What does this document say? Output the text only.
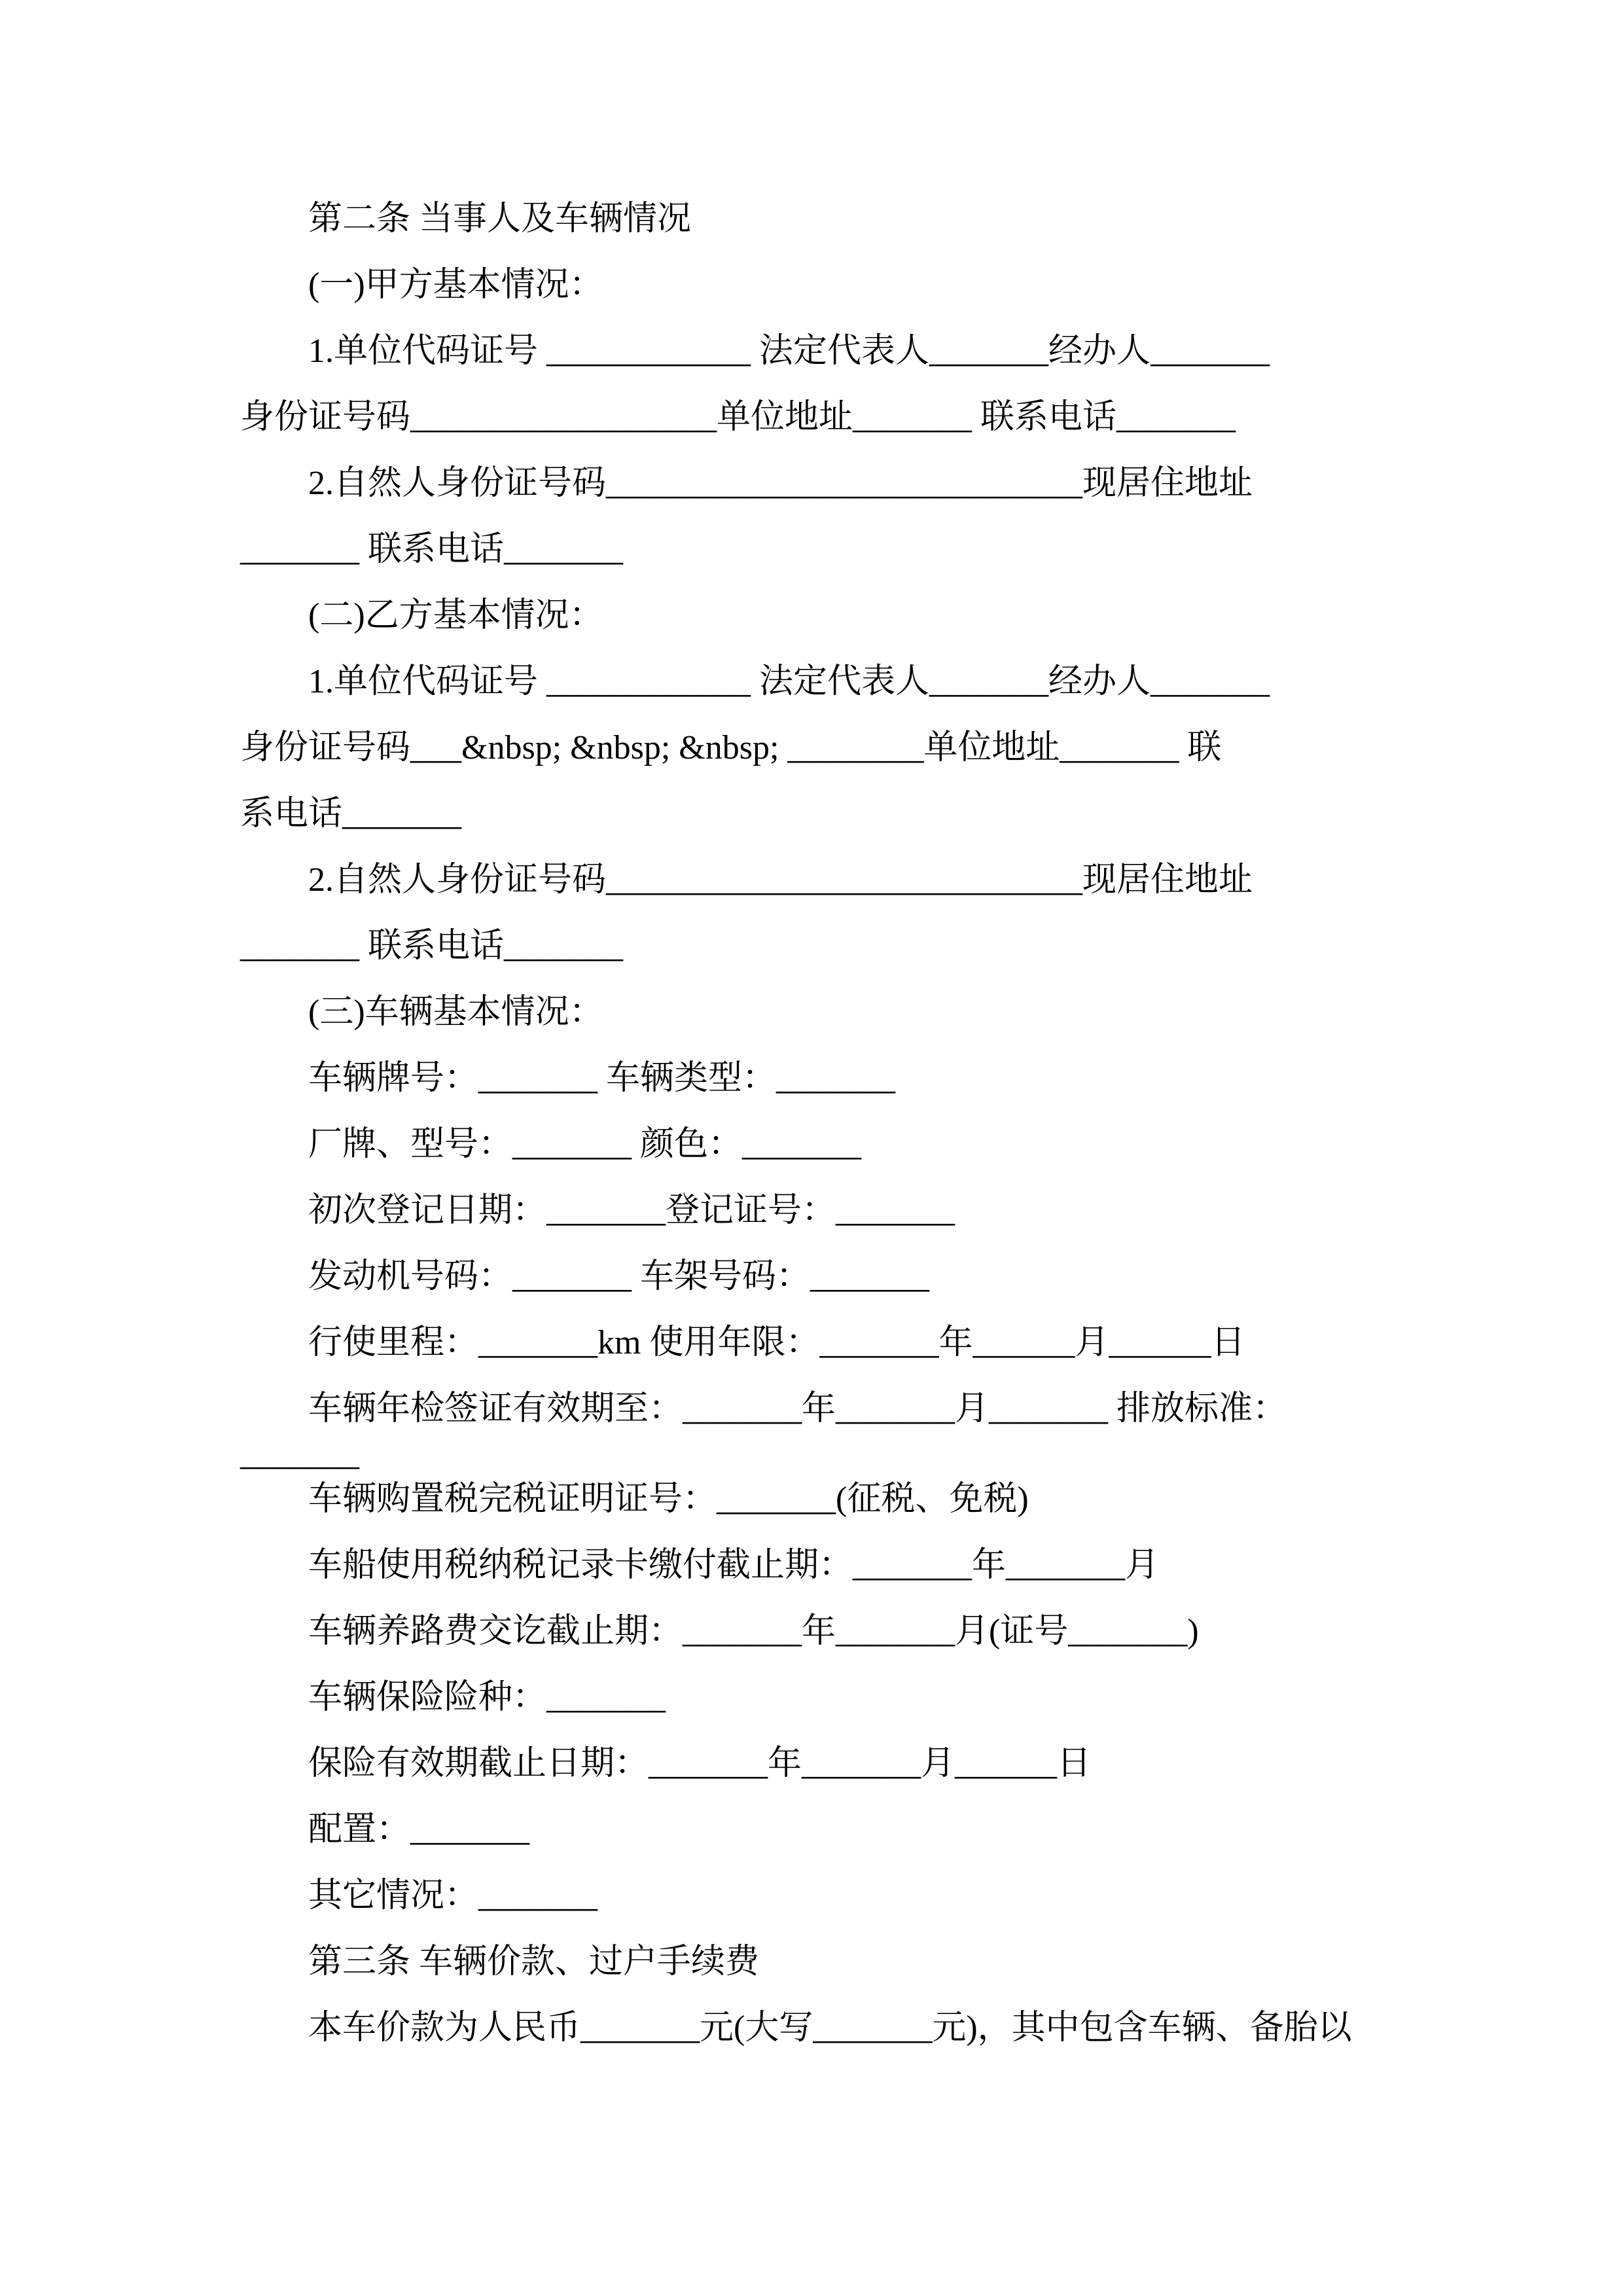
第二条 当事人及车辆情况
(一)甲方基本情况：
1.单位代码证号 ____________ 法定代表人_______经办人_______
身份证号码__________________单位地址_______ 联系电话_______
2.自然人身份证号码____________________________现居住地址
_______ 联系电话_______
(二)乙方基本情况：
1.单位代码证号 ____________ 法定代表人_______经办人_______
身份证号码___&nbsp; &nbsp; &nbsp; ________单位地址_______ 联
系电话_______
2.自然人身份证号码____________________________现居住地址
_______ 联系电话_______
(三)车辆基本情况：
车辆牌号：_______ 车辆类型：_______
厂牌、型号：_______ 颜色：_______
初次登记日期：_______登记证号：_______
发动机号码：_______ 车架号码：_______
行使里程：_______km 使用年限：_______年______月______日
车辆年检签证有效期至：_______年_______月_______ 排放标准：
_______
车辆购置税完税证明证号：_______(征税、免税)
车船使用税纳税记录卡缴付截止期：_______年_______月
车辆养路费交讫截止期：_______年_______月(证号_______)
车辆保险险种：_______
保险有效期截止日期：_______年_______月______日
配置：_______
其它情况：_______
第三条 车辆价款、过户手续费
本车价款为人民币_______元(大写_______元)，其中包含车辆、备胎以
